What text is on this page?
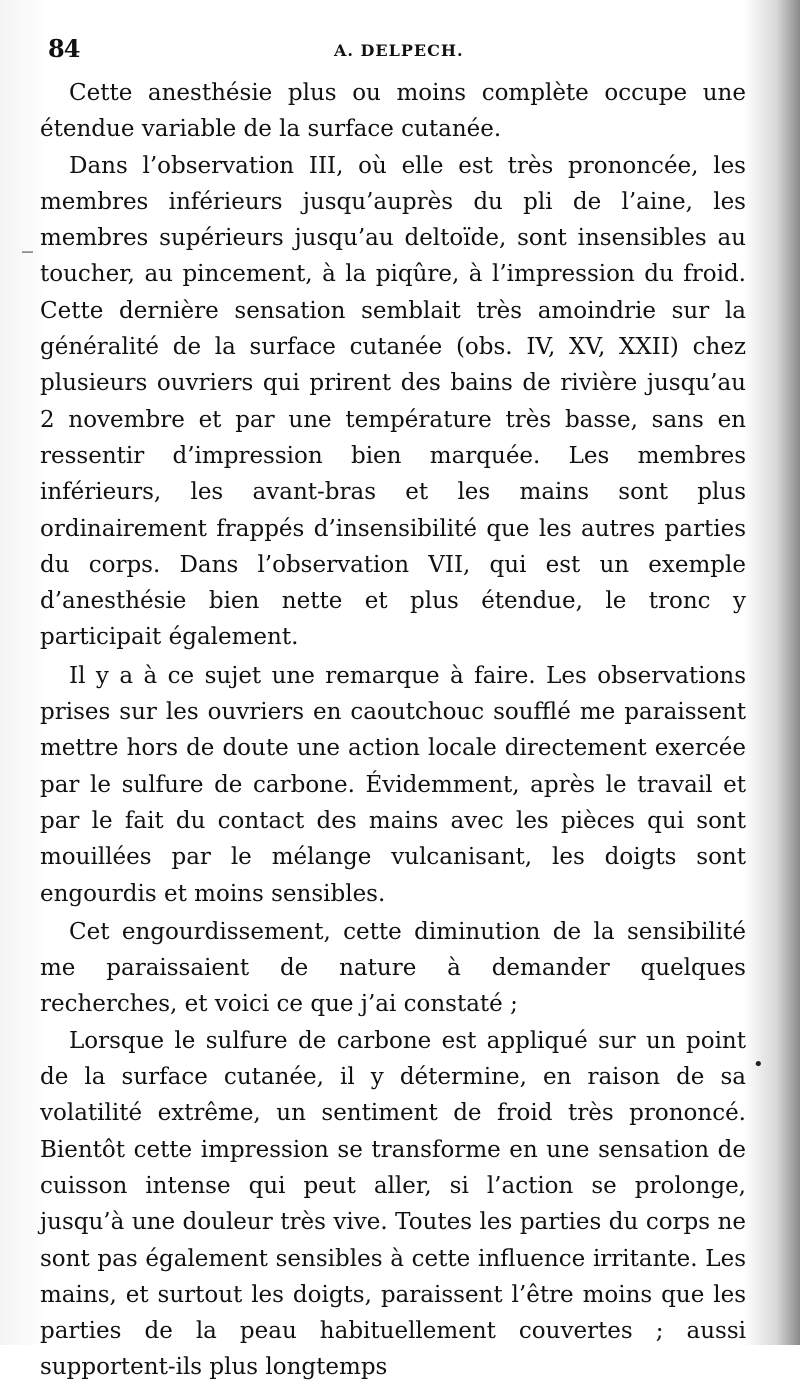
84	A. DELPECH.

Cette anesthésie plus ou moins complète occupe une étendue variable de la surface cutanée.

Dans l’observation III, où elle est très prononcée, les membres inférieurs jusqu’auprès du pli de l’aine, les membres supérieurs jusqu’au deltoïde, sont insensibles au toucher, au pincement, à la piqûre, à l’impression du froid. Cette dernière sensation semblait très amoindrie sur la généralité de la surface cutanée (obs. IV, XV, XXII) chez plusieurs ouvriers qui prirent des bains de rivière jusqu’au 2 novembre et par une température très basse, sans en ressentir d’impression bien marquée. Les membres inférieurs, les avant-bras et les mains sont plus ordinairement frappés d’insensibilité que les autres parties du corps. Dans l’observation VII, qui est un exemple d’anesthésie bien nette et plus étendue, le tronc y participait également.

Il y a à ce sujet une remarque à faire. Les observations prises sur les ouvriers en caoutchouc soufflé me paraissent mettre hors de doute une action locale directement exercée par le sulfure de carbone. Évidemment, après le travail et par le fait du contact des mains avec les pièces qui sont mouillées par le mélange vulcanisant, les doigts sont engourdis et moins sensibles.

Cet engourdissement, cette diminution de la sensibilité me paraissaient de nature à demander quelques recherches, et voici ce que j’ai constaté ;

Lorsque le sulfure de carbone est appliqué sur un point de la surface cutanée, il y détermine, en raison de sa volatilité extrême, un sentiment de froid très prononcé. Bientôt cette impression se transforme en une sensation de cuisson intense qui peut aller, si l’action se prolonge, jusqu’à une douleur très vive. Toutes les parties du corps ne sont pas également sensibles à cette influence irritante. Les mains, et surtout les doigts, paraissent l’être moins que les parties de la peau habituellement couvertes ; aussi supportent-ils plus longtemps

_
•
